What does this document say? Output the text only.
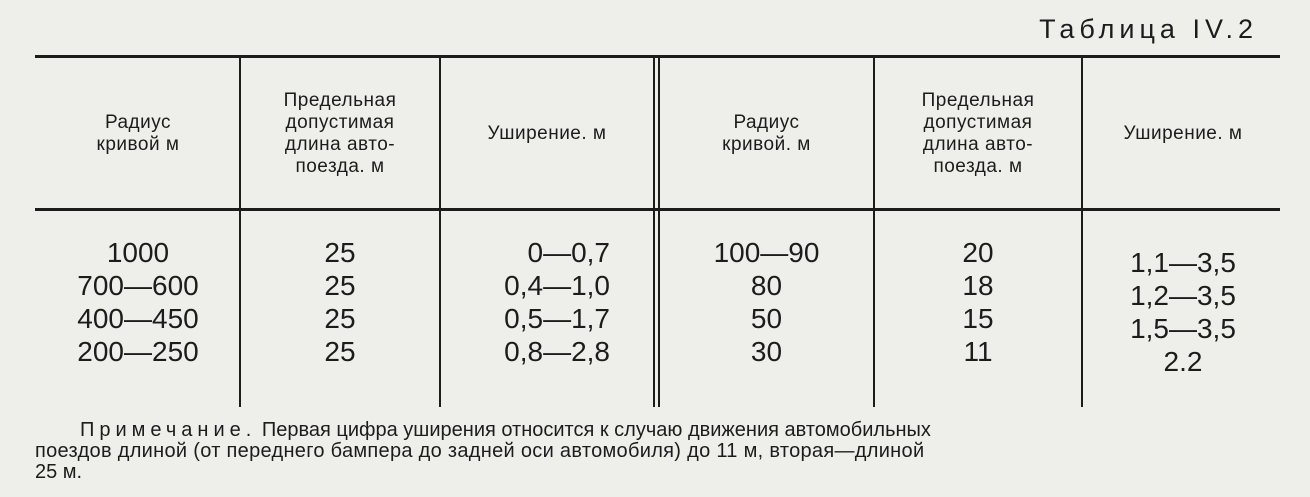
Таблица IV.2
Радиус
кривой м
Предельная
допустимая
длина авто-
поезда. м
Уширение. м
Радиус
кривой. м
Предельная
допустимая
длина авто-
поезда. м
Уширение. м
1000
700—600
400—450
200—250
25
25
25
25
0—0,7
0,4—1,0
0,5—1,7
0,8—2,8
100—90
80
50
30
20
18
15
11
1,1—3,5
1,2—3,5
1,5—3,5
2.2
Примечание. Первая цифра уширения относится к случаю движения автомобильных
поездов длиной (от переднего бампера до задней оси автомобиля) до 11 м, вторая—длиной
25 м.
